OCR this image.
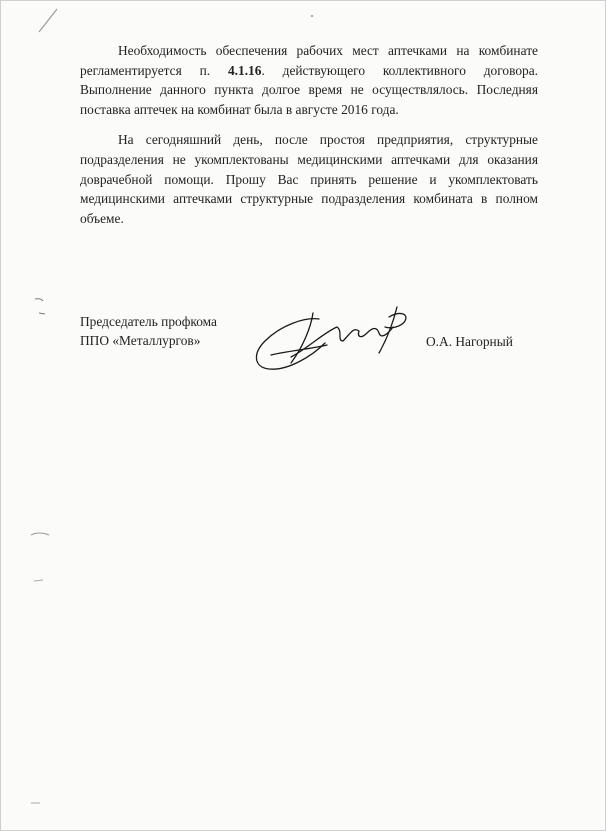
Необходимость обеспечения рабочих мест аптечками на комбинате регламентируется п. 4.1.16. действующего коллективного договора. Выполнение данного пункта долгое время не осуществлялось. Последняя поставка аптечек на комбинат была в августе 2016 года.

На сегодняшний день, после простоя предприятия, структурные подразделения не укомплектованы медицинскими аптечками для оказания доврачебной помощи. Прошу Вас принять решение и укомплектовать медицинскими аптечками структурные подразделения комбината в полном объеме.

Председатель профкома
ППО «Металлургов»	О.А. Нагорный
